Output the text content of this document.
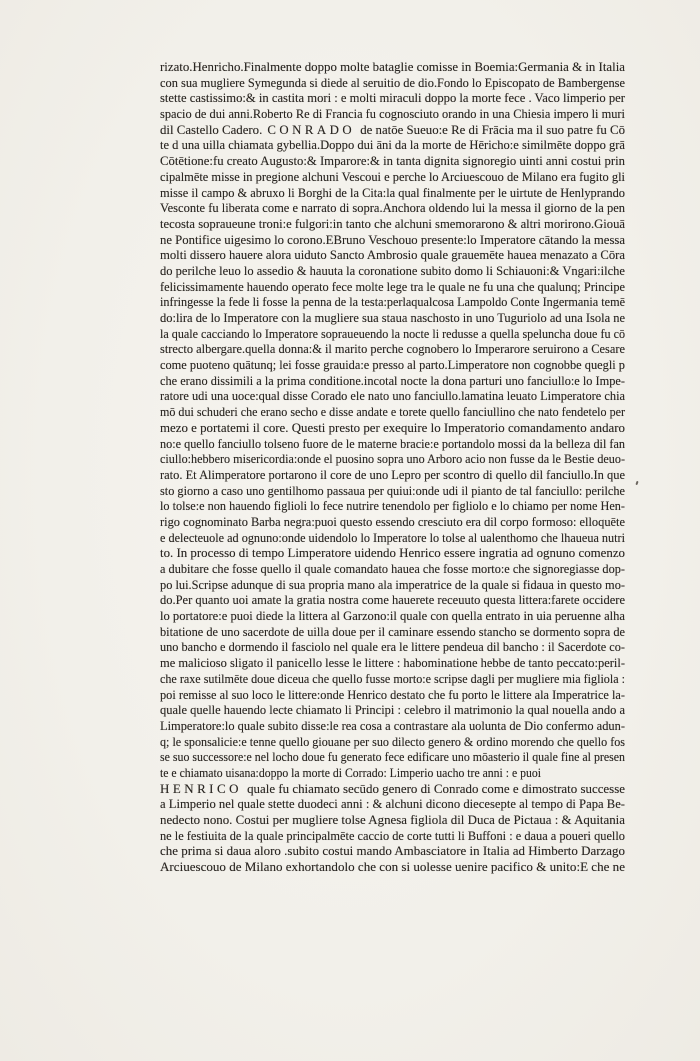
rizato.Henricho.Finalmente doppo molte bataglie comisse in Boemia:Germania & in Italia
con sua mugliere Symegunda si diede al seruitio de dio.Fondo lo Episcopato de Bambergense
stette castissimo:& in castita mori : e molti miraculi doppo la morte fece . Vaco limperio per
spacio de dui anni.Roberto Re di Francia fu cognosciuto orando in una Chiesia impero li muri
dil Castello Cadero. CONRADO de natōe Sueuo:e Re di Frācia ma il suo patre fu Cō
te d una uilla chiamata gybellia.Doppo dui āni da la morte de Hēricho:e similmēte doppo grā
Cōtētione:fu creato Augusto:& Imparore:& in tanta dignita signoregio uinti anni costui prin
cipalmēte misse in pregione alchuni Vescoui e perche lo Arciuescouo de Milano era fugito gli
misse il campo & abruxo li Borghi de la Cita:la qual finalmente per le uirtute de Henlyprando
Vesconte fu liberata come e narrato di sopra.Anchora oldendo lui la messa il giorno de la pen
tecosta sopraueune troni:e fulgori:in tanto che alchuni smemorarono & altri morirono.Giouā
ne Pontifice uigesimo lo corono.EBruno Veschouo presente:lo Imperatore cātando la messa
molti dissero hauere alora uiduto Sancto Ambrosio quale grauemēte hauea menazato a Cōra
do perilche leuo lo assedio & hauuta la coronatione subito domo li Schiauoni:& Vngari:ilche
felicissimamente hauendo operato fece molte lege tra le quale ne fu una che qualunq; Principe
infringesse la fede li fosse la penna de la testa:perlaqualcosa Lampoldo Conte Ingermania temē
do:lira de lo Imperatore con la mugliere sua staua naschosto in uno Tuguriolo ad una Isola ne
la quale cacciando lo Imperatore sopraueuendo la nocte li redusse a quella speluncha doue fu cō
strecto albergare.quella donna:& il marito perche cognobero lo Imperarore seruirono a Cesare
come puoteno quātunq; lei fosse grauida:e presso al parto.Limperatore non cognobbe quegli p
che erano dissimili a la prima conditione.incotal nocte la dona parturi uno fanciullo:e lo Impe-
ratore udi una uoce:qual disse Corado ele nato uno fanciullo.lamatina leuato Limperatore chia
mō dui schuderi che erano secho e disse andate e torete quello fanciullino che nato fendetelo per
mezo e portatemi il core. Questi presto per exequire lo Imperatorio comandamento andaro
no:e quello fanciullo tolseno fuore de le materne bracie:e portandolo mossi da la belleza dil fan
ciullo:hebbero misericordia:onde el puosino sopra uno Arboro acio non fusse da le Bestie deuo-
rato. Et Alimperatore portarono il core de uno Lepro per scontro di quello dil fanciullo.In que
sto giorno a caso uno gentilhomo passaua per quiui:onde udi il pianto de tal fanciullo: perilche
lo tolse:e non hauendo figlioli lo fece nutrire tenendolo per figliolo e lo chiamo per nome Hen-
rigo cognominato Barba negra:puoi questo essendo cresciuto era dil corpo formoso: elloquēte
e delecteuole ad ognuno:onde uidendolo lo Imperatore lo tolse al ualenthomo che lhaueua nutri
to. In processo di tempo Limperatore uidendo Henrico essere ingratia ad ognuno comenzo
a dubitare che fosse quello il quale comandato hauea che fosse morto:e che signoregiasse dop-
po lui.Scripse adunque di sua propria mano ala imperatrice de la quale si fidaua in questo mo-
do.Per quanto uoi amate la gratia nostra come hauerete receuuto questa littera:farete occidere
lo portatore:e puoi diede la littera al Garzono:il quale con quella entrato in uia peruenne alha
bitatione de uno sacerdote de uilla doue per il caminare essendo stancho se dormento sopra de
uno bancho e dormendo il fasciolo nel quale era le littere pendeua dil bancho : il Sacerdote co-
me malicioso sligato il panicello lesse le littere : habominatione hebbe de tanto peccato:peril-
che raxe sutilmēte doue diceua che quello fusse morto:e scripse dagli per mugliere mia figliola :
poi remisse al suo loco le littere:onde Henrico destato che fu porto le littere ala Imperatrice la-
quale quelle hauendo lecte chiamato li Principi : celebro il matrimonio la qual nouella ando a
Limperatore:lo quale subito disse:le rea cosa a contrastare ala uolunta de Dio confermo adun-
q; le sponsalicie:e tenne quello giouane per suo dilecto genero & ordino morendo che quello fos
se suo successore:e nel locho doue fu generato fece edificare uno mōasterio il quale fine al presen
te e chiamato uisana:doppo la morte di Corrado: Limperio uacho tre anni : e puoi
HENRICO quale fu chiamato secūdo genero di Conrado come e dimostrato successe
a Limperio nel quale stette duodeci anni : & alchuni dicono diecesepte al tempo di Papa Be-
nedecto nono. Costui per mugliere tolse Agnesa figliola dil Duca de Pictaua : & Aquitania
ne le festiuita de la quale principalmēte caccio de corte tutti li Buffoni : e daua a poueri quello
che prima si daua aloro .subito costui mando Ambasciatore in Italia ad Himberto Darzago
Arciuescouo de Milano exhortandolo che con si uolesse uenire pacifico & unito:E che ne
